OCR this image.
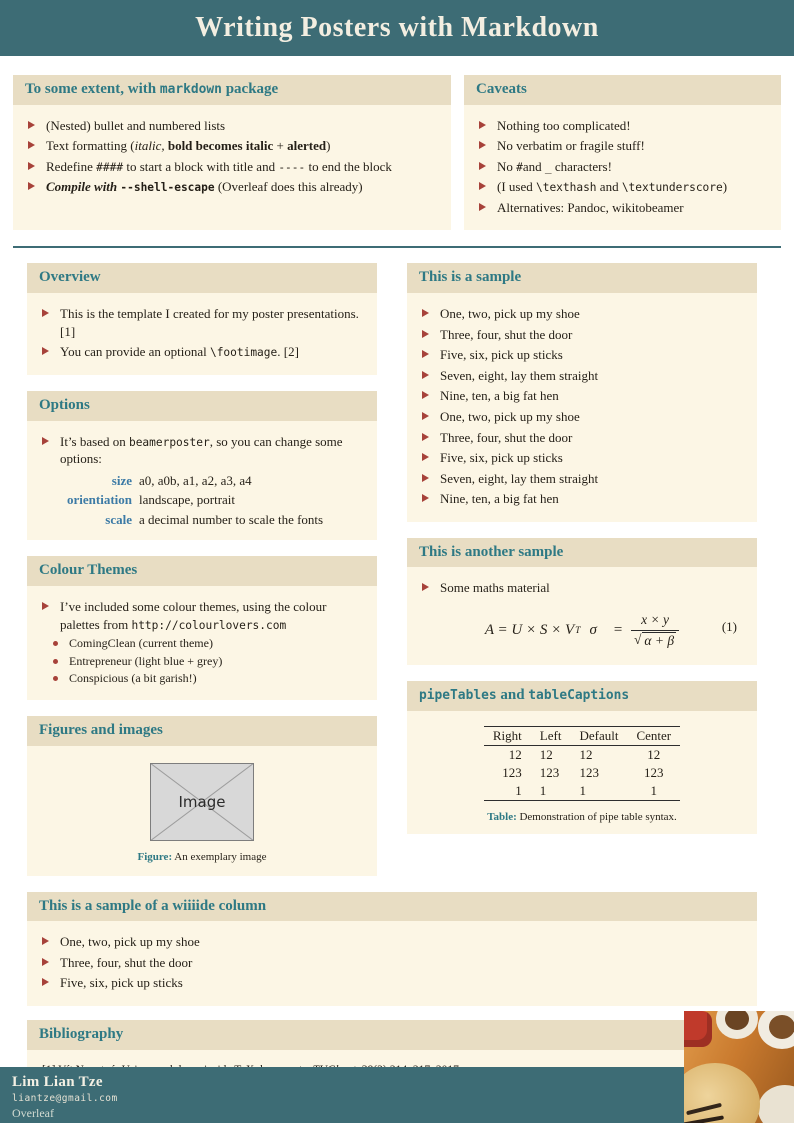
Writing Posters with Markdown
To some extent, with markdown package
(Nested) bullet and numbered lists
Text formatting (italic, bold becomes italic + alerted)
Redefine #### to start a block with title and ---- to end the block
Compile with --shell-escape (Overleaf does this already)
Caveats
Nothing too complicated!
No verbatim or fragile stuff!
No #and _ characters!
(I used \texthash and \textunderscore)
Alternatives: Pandoc, wikitobeamer
Overview
This is the template I created for my poster presentations. [1]
You can provide an optional \footimage. [2]
Options
It’s based on beamerposter, so you can change some options:
size a0, a0b, a1, a2, a3, a4
orientiation landscape, portrait
scale a decimal number to scale the fonts
Colour Themes
I’ve included some colour themes, using the colour palettes from http://colourlovers.com
ComingClean (current theme)
Entrepreneur (light blue + grey)
Conspicious (a bit garish!)
Figures and images
Image
Figure: An exemplary image
This is a sample
One, two, pick up my shoe
Three, four, shut the door
Five, six, pick up sticks
Seven, eight, lay them straight
Nine, ten, a big fat hen
One, two, pick up my shoe
Three, four, shut the door
Five, six, pick up sticks
Seven, eight, lay them straight
Nine, ten, a big fat hen
This is another sample
Some maths material
A = U × S × V T $\sigma = \frac{x \times y}{√ \alpha + \beta}$	(1)
pipeTables and tableCaptions
Right	Left	Default	Center
12	12	12	12
123	123	123	123
1	1	1	1
Table: Demonstration of pipe table syntax.
This is a sample of a wiiiide column
One, two, pick up my shoe
Three, four, shut the door
Five, six, pick up sticks
Bibliography
Lim Lian Tze
liantze@gmail.com
Overleaf
